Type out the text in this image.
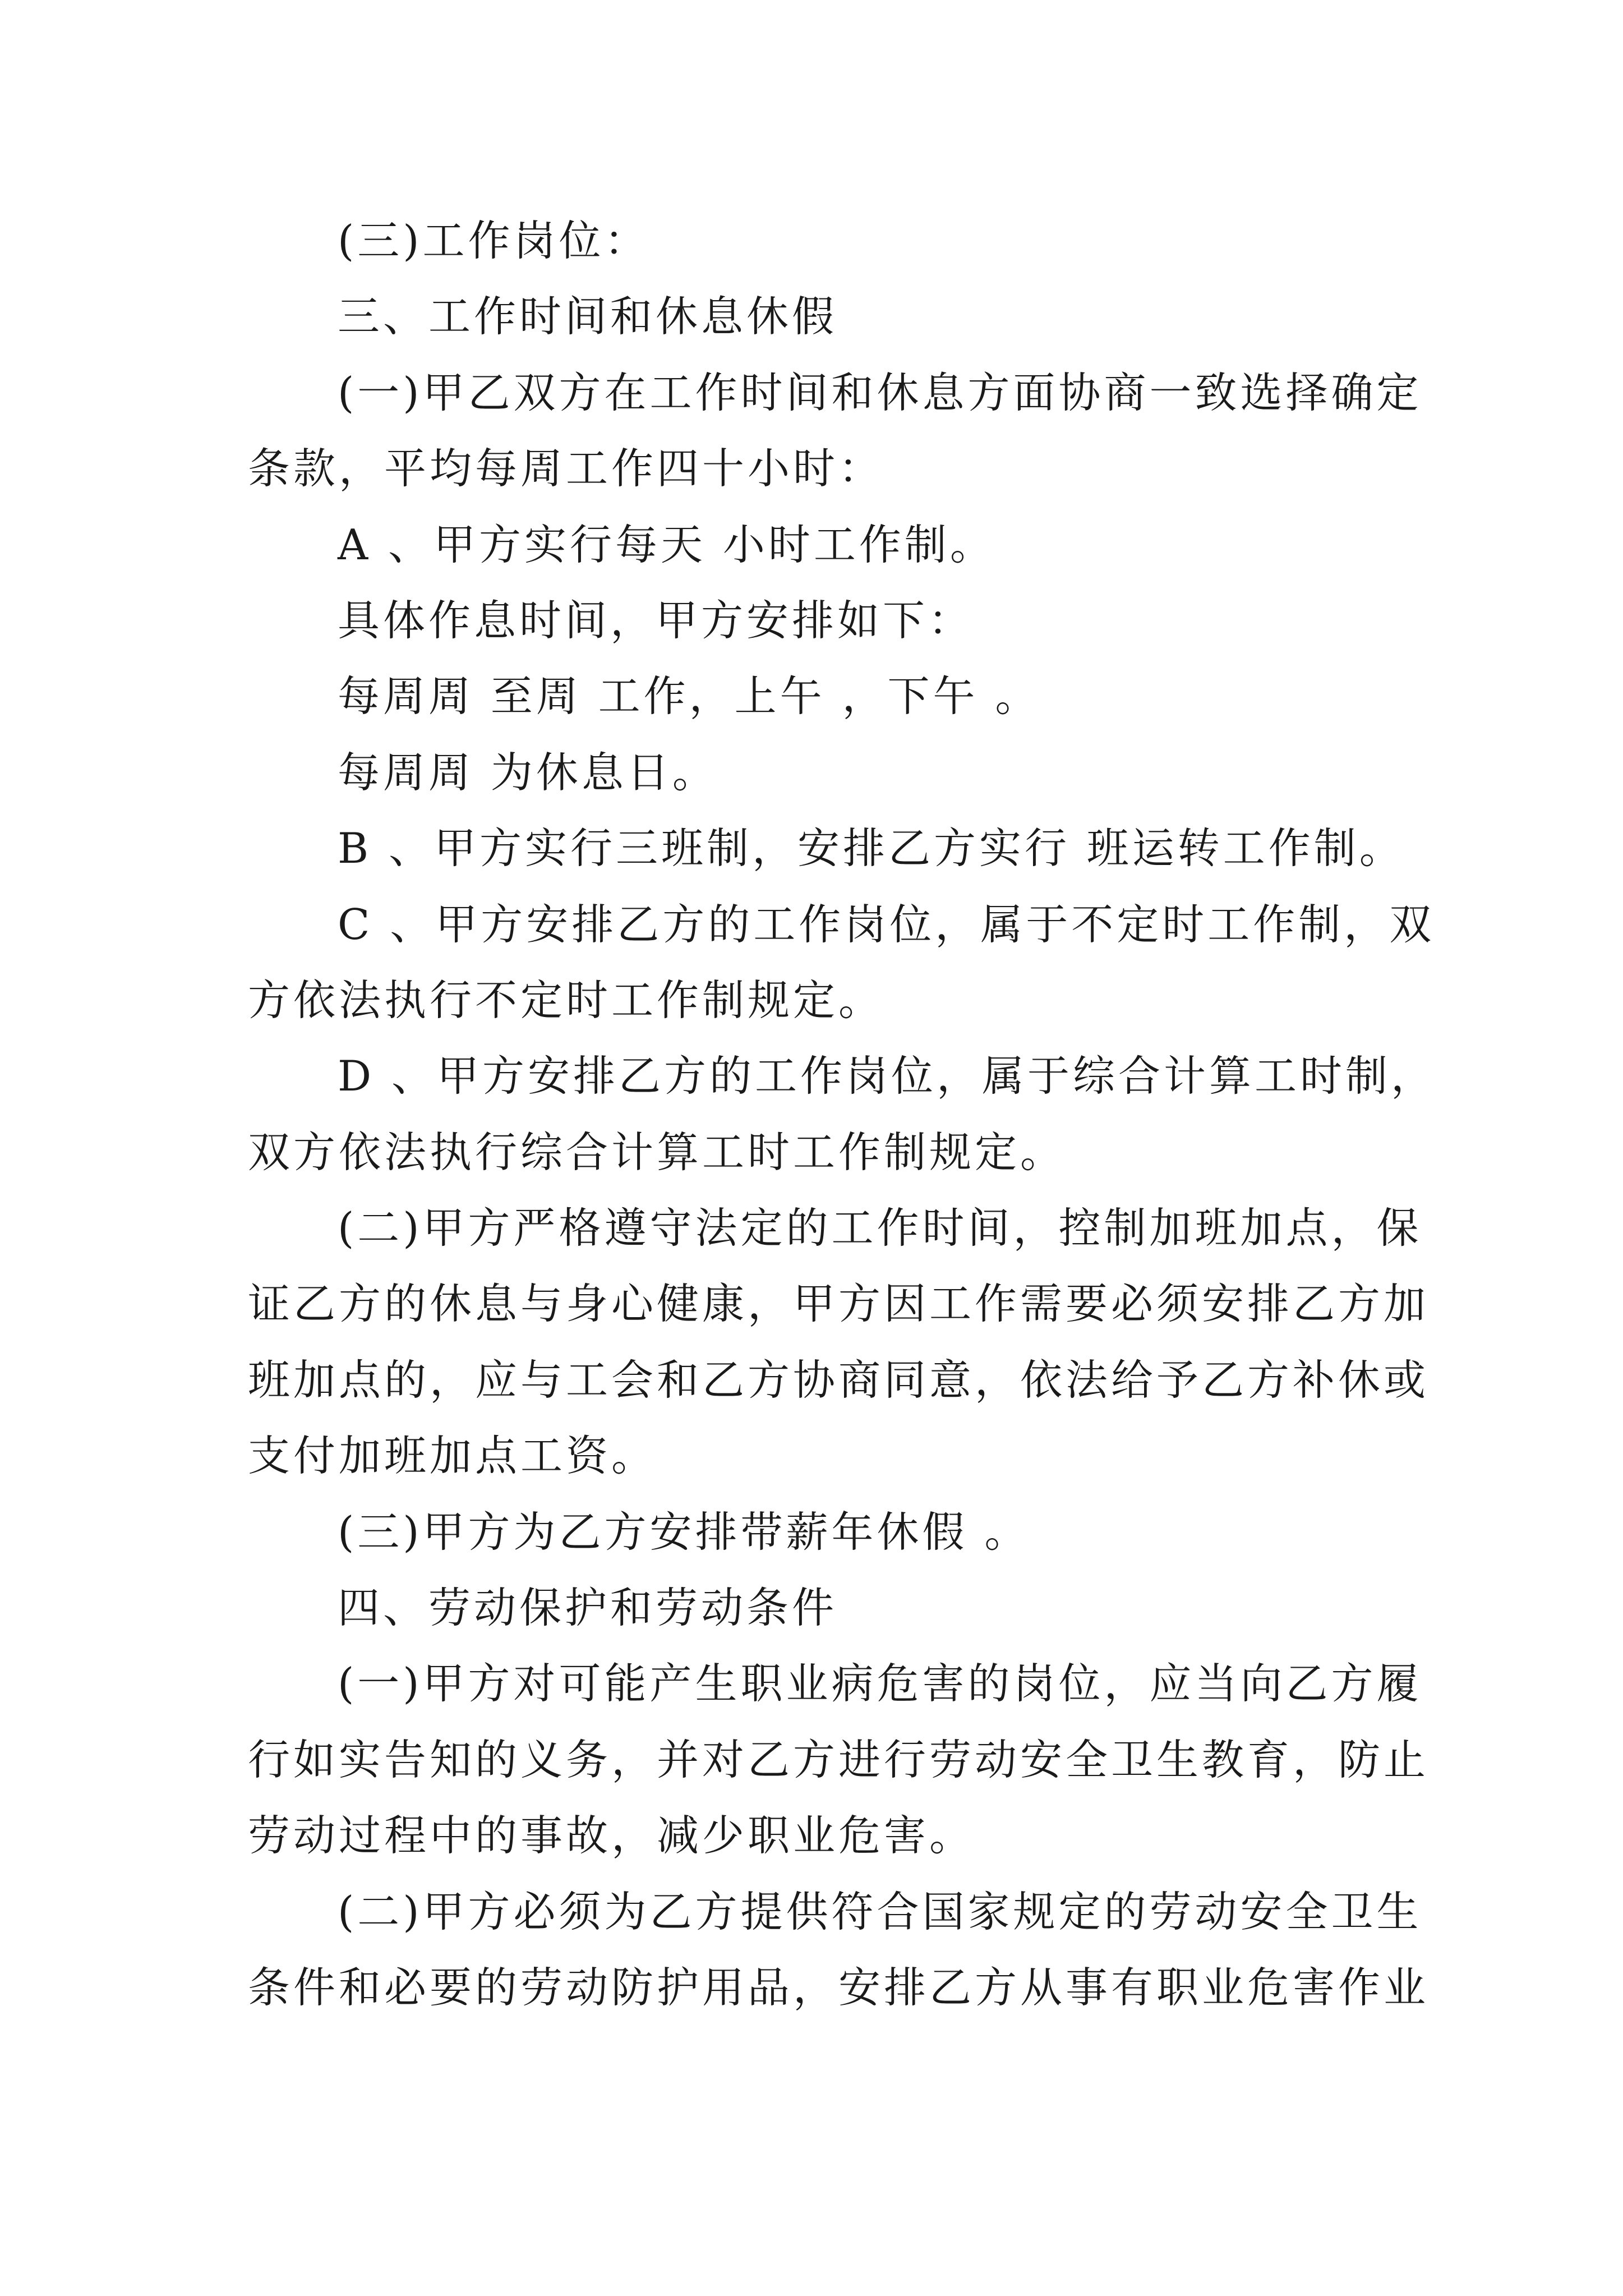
(三)工作岗位：
三、工作时间和休息休假
(一)甲乙双方在工作时间和休息方面协商一致选择确定
条款，平均每周工作四十小时：
A 、甲方实行每天 小时工作制。
具体作息时间，甲方安排如下：
每周周 至周 工作，上午 ，下午 。
每周周 为休息日。
B 、甲方实行三班制，安排乙方实行 班运转工作制。
C 、甲方安排乙方的工作岗位，属于不定时工作制，双
方依法执行不定时工作制规定。
D 、甲方安排乙方的工作岗位，属于综合计算工时制，
双方依法执行综合计算工时工作制规定。
(二)甲方严格遵守法定的工作时间，控制加班加点，保
证乙方的休息与身心健康，甲方因工作需要必须安排乙方加
班加点的，应与工会和乙方协商同意，依法给予乙方补休或
支付加班加点工资。
(三)甲方为乙方安排带薪年休假 。
四、劳动保护和劳动条件
(一)甲方对可能产生职业病危害的岗位，应当向乙方履
行如实告知的义务，并对乙方进行劳动安全卫生教育，防止
劳动过程中的事故，减少职业危害。
(二)甲方必须为乙方提供符合国家规定的劳动安全卫生
条件和必要的劳动防护用品，安排乙方从事有职业危害作业
